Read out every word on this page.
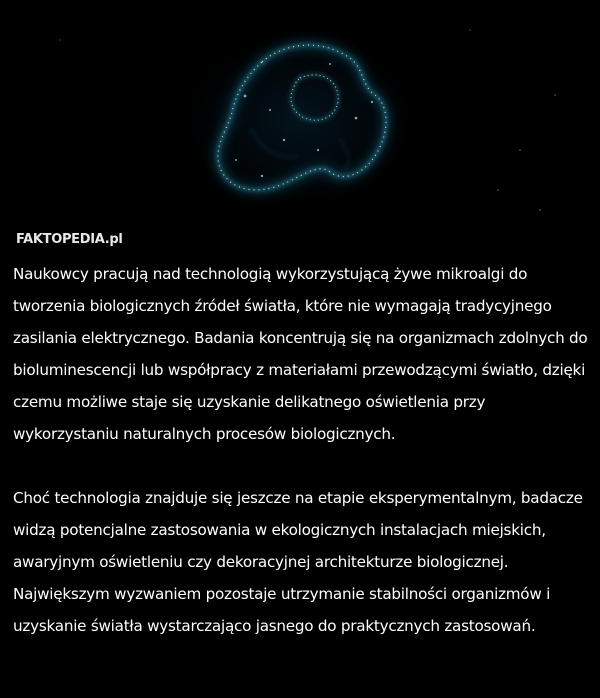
FAKTOPEDIA.pl

Naukowcy pracują nad technologią wykorzystującą żywe mikroalgi do tworzenia biologicznych źródeł światła, które nie wymagają tradycyjnego zasilania elektrycznego. Badania koncentrują się na organizmach zdolnych do bioluminescencji lub współpracy z materiałami przewodzącymi światło, dzięki czemu możliwe staje się uzyskanie delikatnego oświetlenia przy wykorzystaniu naturalnych procesów biologicznych.

Choć technologia znajduje się jeszcze na etapie eksperymentalnym, badacze widzą potencjalne zastosowania w ekologicznych instalacjach miejskich, awaryjnym oświetleniu czy dekoracyjnej architekturze biologicznej. Największym wyzwaniem pozostaje utrzymanie stabilności organizmów i uzyskanie światła wystarczająco jasnego do praktycznych zastosowań.
